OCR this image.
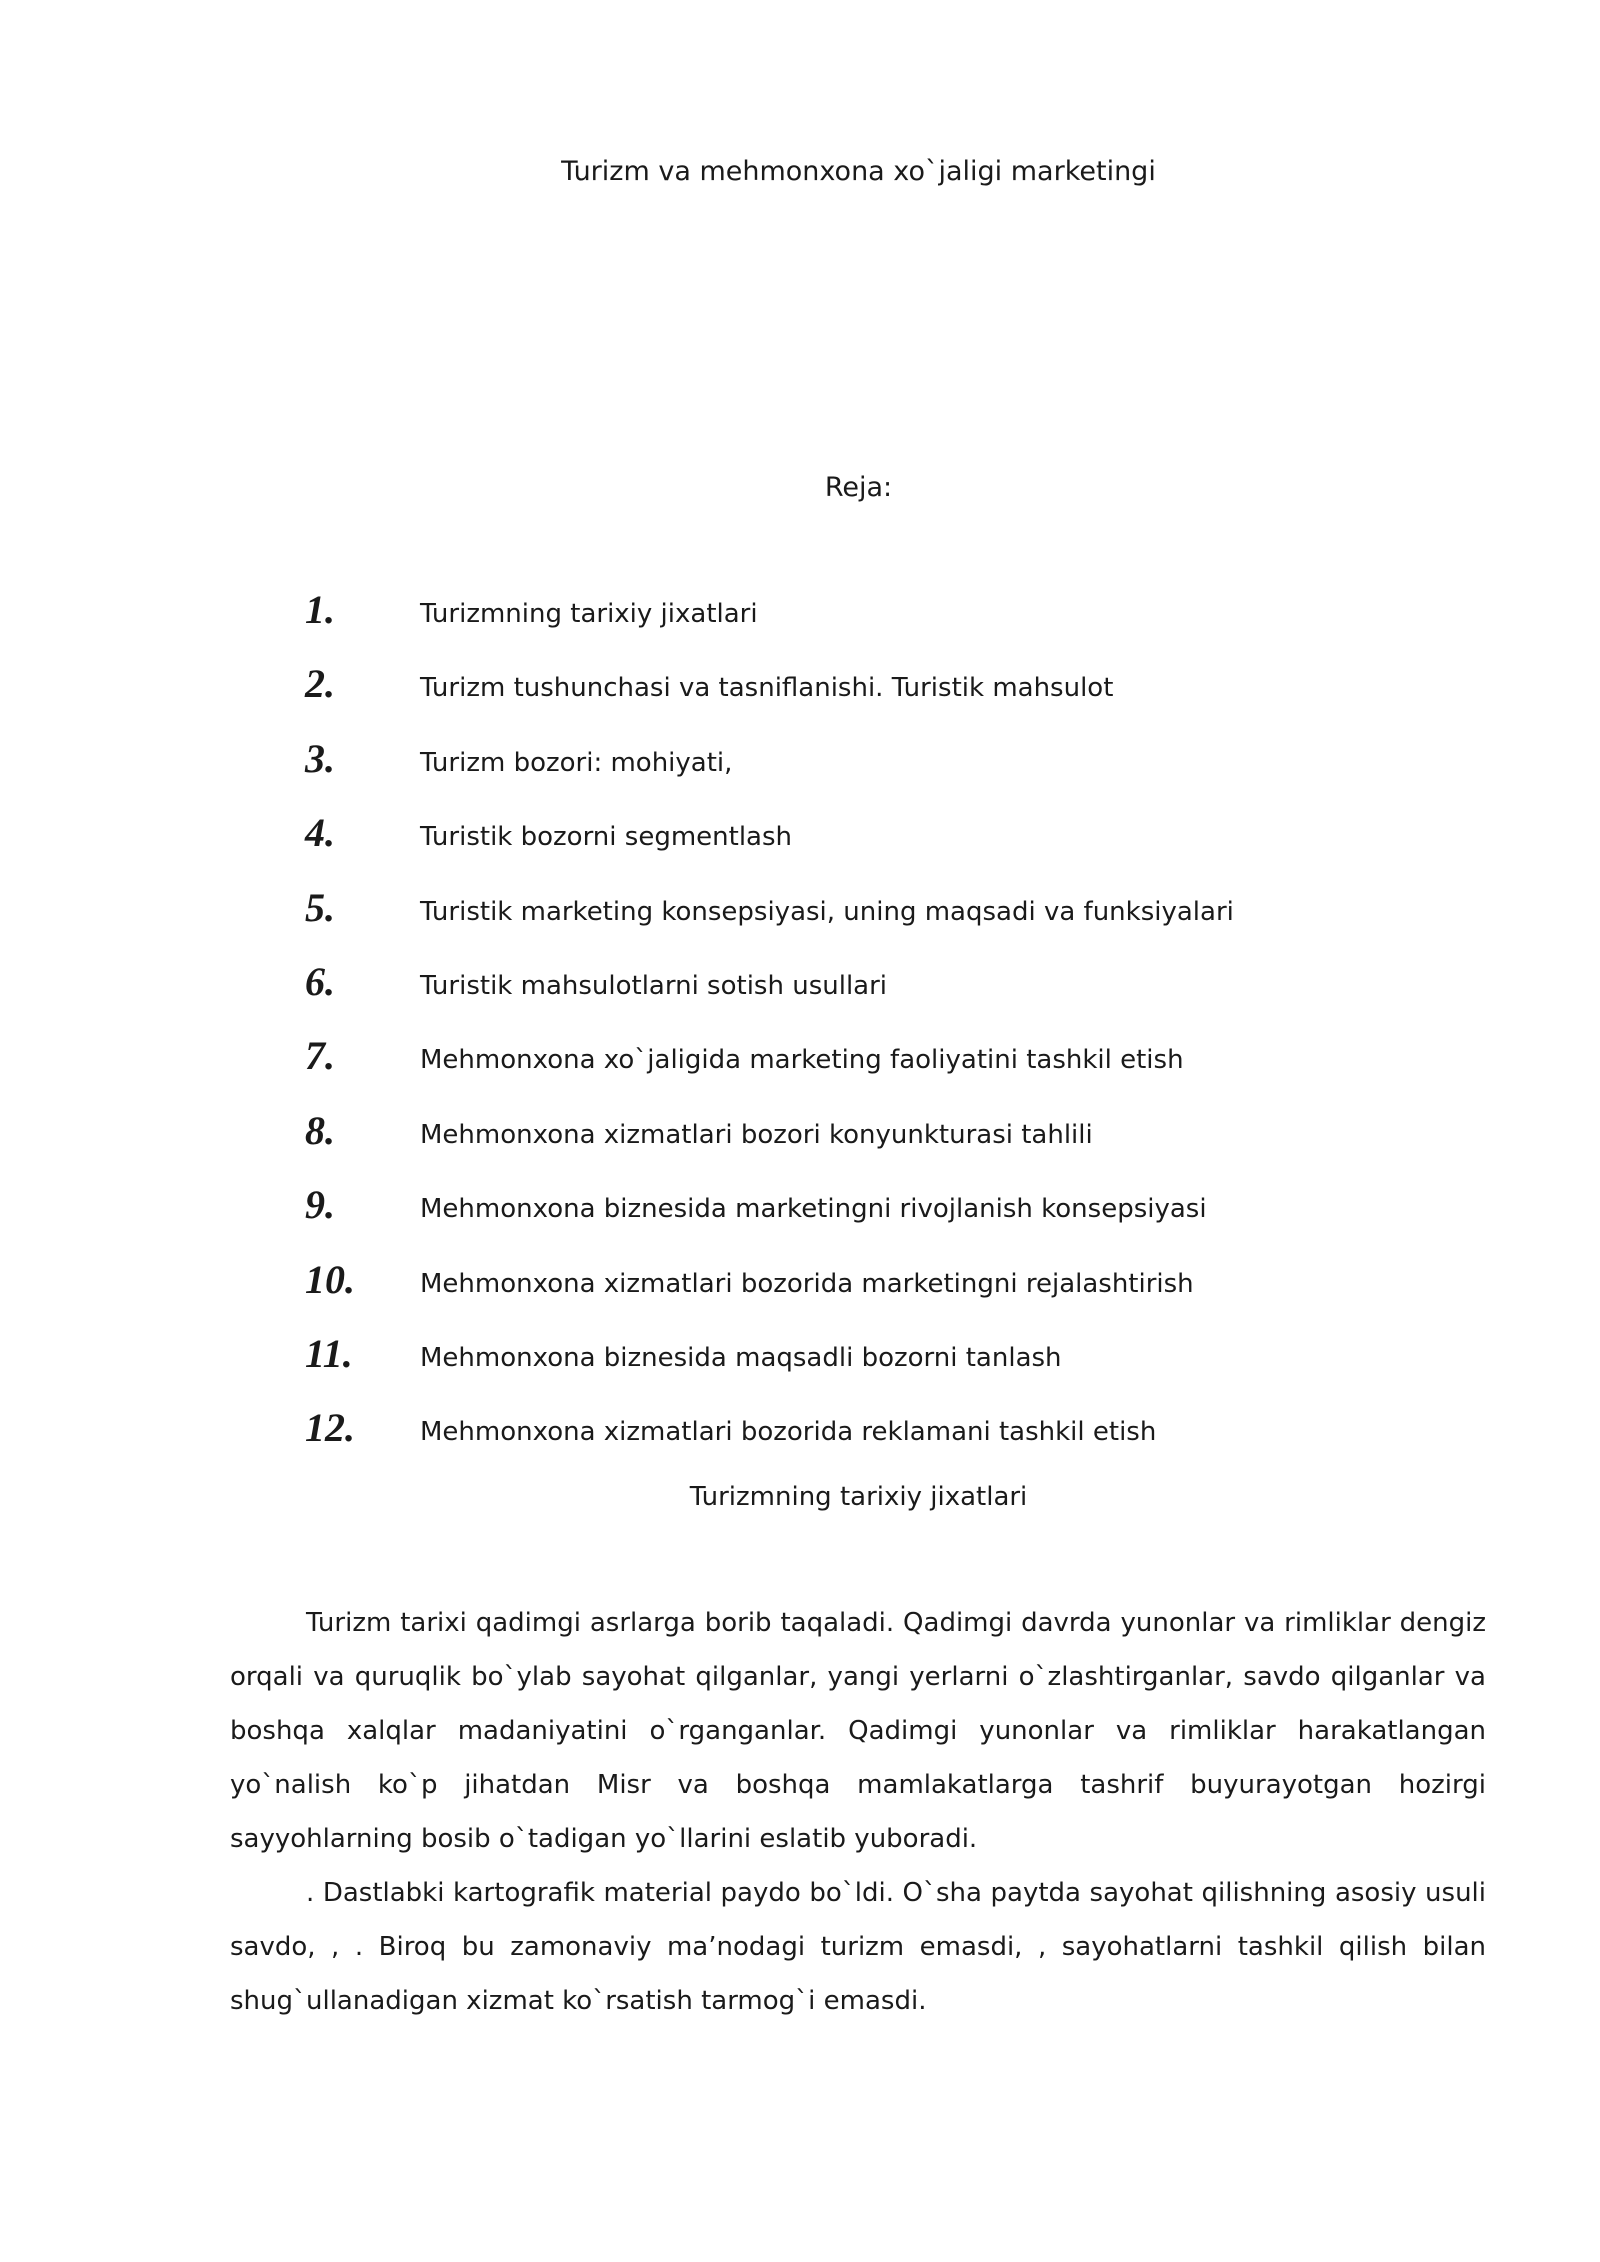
Turizm va mehmonxona xo`jaligi marketingi
Reja:
1.	Turizmning tarixiy jixatlari
2.	Turizm tushunchasi va tasniflanishi. Turistik mahsulot
3.	Turizm bozori: mohiyati,
4.	Turistik bozorni segmentlash
5.	Turistik marketing konsepsiyasi, uning maqsadi va funksiyalari
6.	Turistik mahsulotlarni sotish usullari
7.	Mehmonxona xo`jaligida marketing faoliyatini tashkil etish
8.	Mehmonxona xizmatlari bozori konyunkturasi tahlili
9.	Mehmonxona biznesida marketingni rivojlanish konsepsiyasi
10.	Mehmonxona xizmatlari bozorida marketingni rejalashtirish
11.	Mehmonxona biznesida maqsadli bozorni tanlash
12.	Mehmonxona xizmatlari bozorida reklamani tashkil etish
Turizmning tarixiy jixatlari

Turizm tarixi qadimgi asrlarga borib taqaladi. Qadimgi davrda yunonlar va rimliklar dengiz orqali va quruqlik bo`ylab sayohat qilganlar, yangi yerlarni o`zlashtirganlar, savdo qilganlar va boshqa xalqlar madaniyatini o`rganganlar. Qadimgi yunonlar va rimliklar harakatlangan yo`nalish ko`p jihatdan Misr va boshqa mamlakatlarga tashrif buyurayotgan hozirgi sayyohlarning bosib o`tadigan yo`llarini eslatib yuboradi.

. Dastlabki kartografik material paydo bo`ldi. O`sha paytda sayohat qilishning asosiy usuli savdo, , . Biroq bu zamonaviy ma’nodagi turizm emasdi, , sayohatlarni tashkil qilish bilan shug`ullanadigan xizmat ko`rsatish tarmog`i emasdi.
